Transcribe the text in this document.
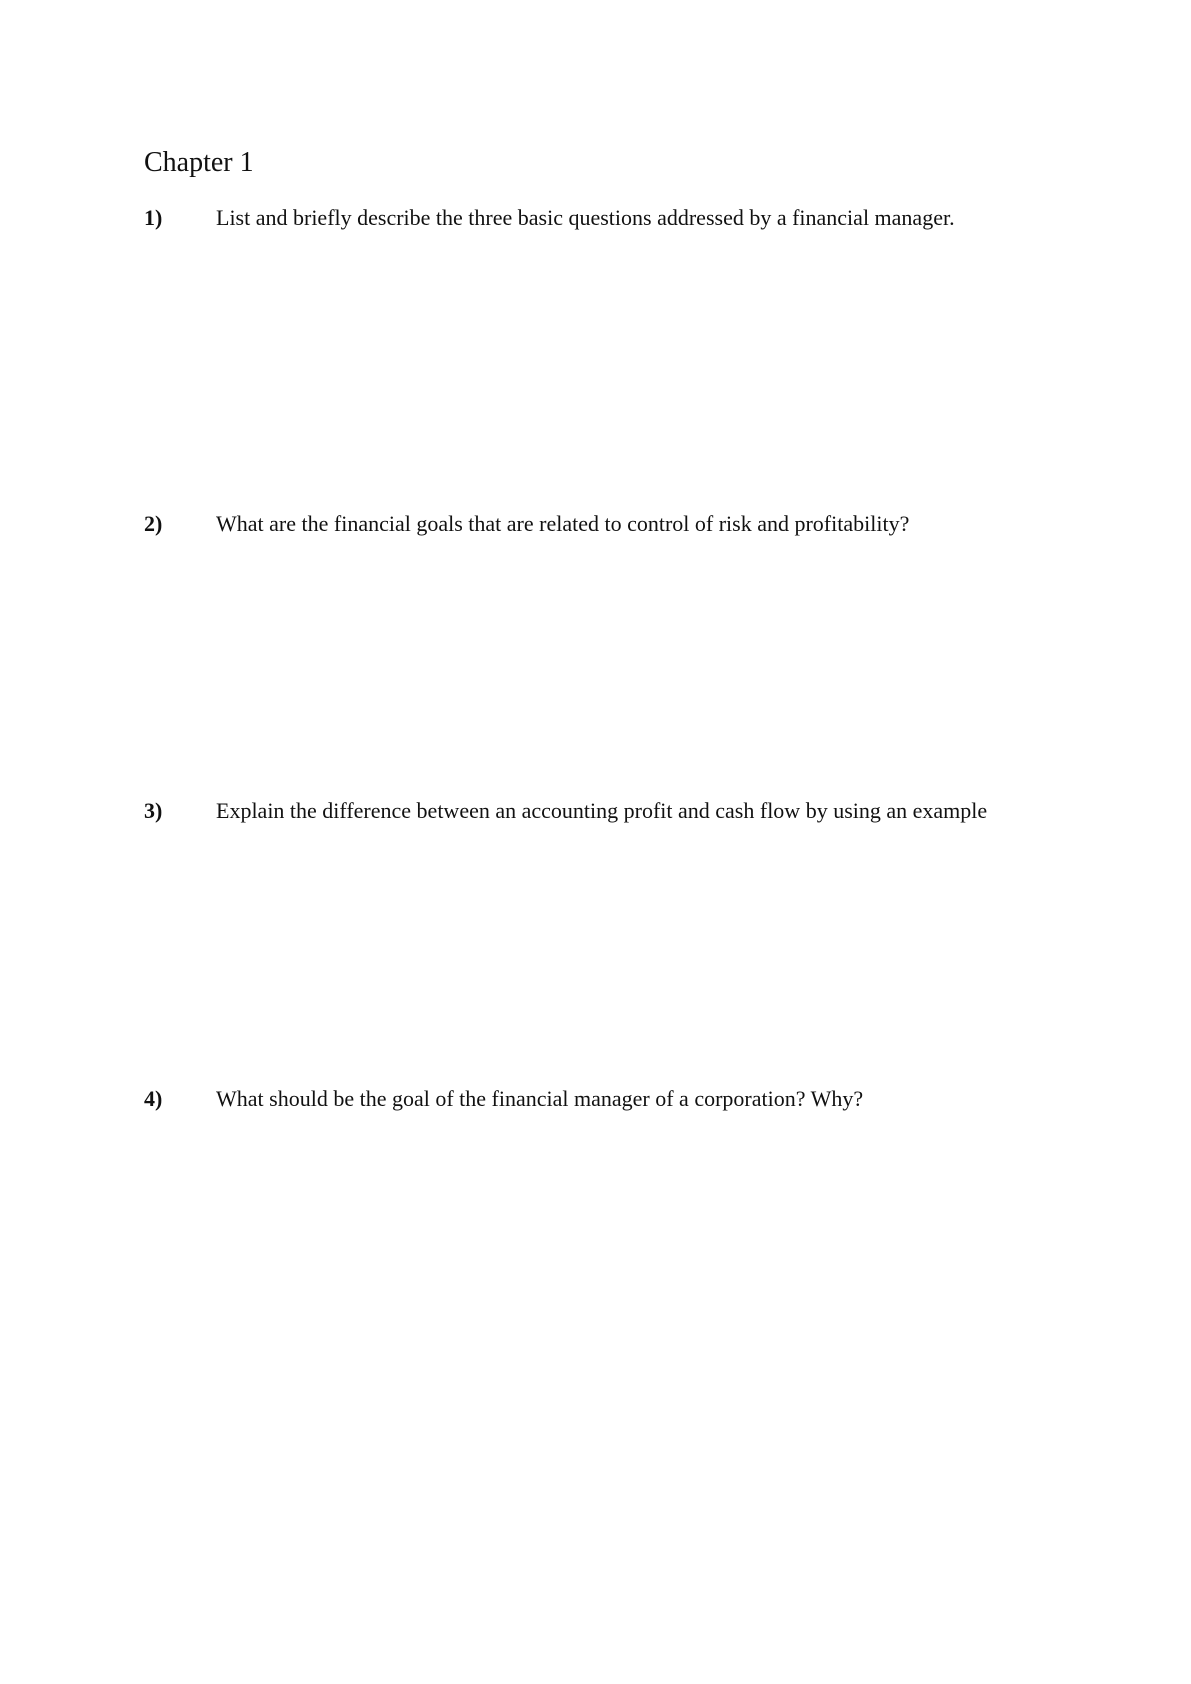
Chapter 1
1) List and briefly describe the three basic questions addressed by a financial manager.
2) What are the financial goals that are related to control of risk and profitability?
3) Explain the difference between an accounting profit and cash flow by using an example
4) What should be the goal of the financial manager of a corporation? Why?
